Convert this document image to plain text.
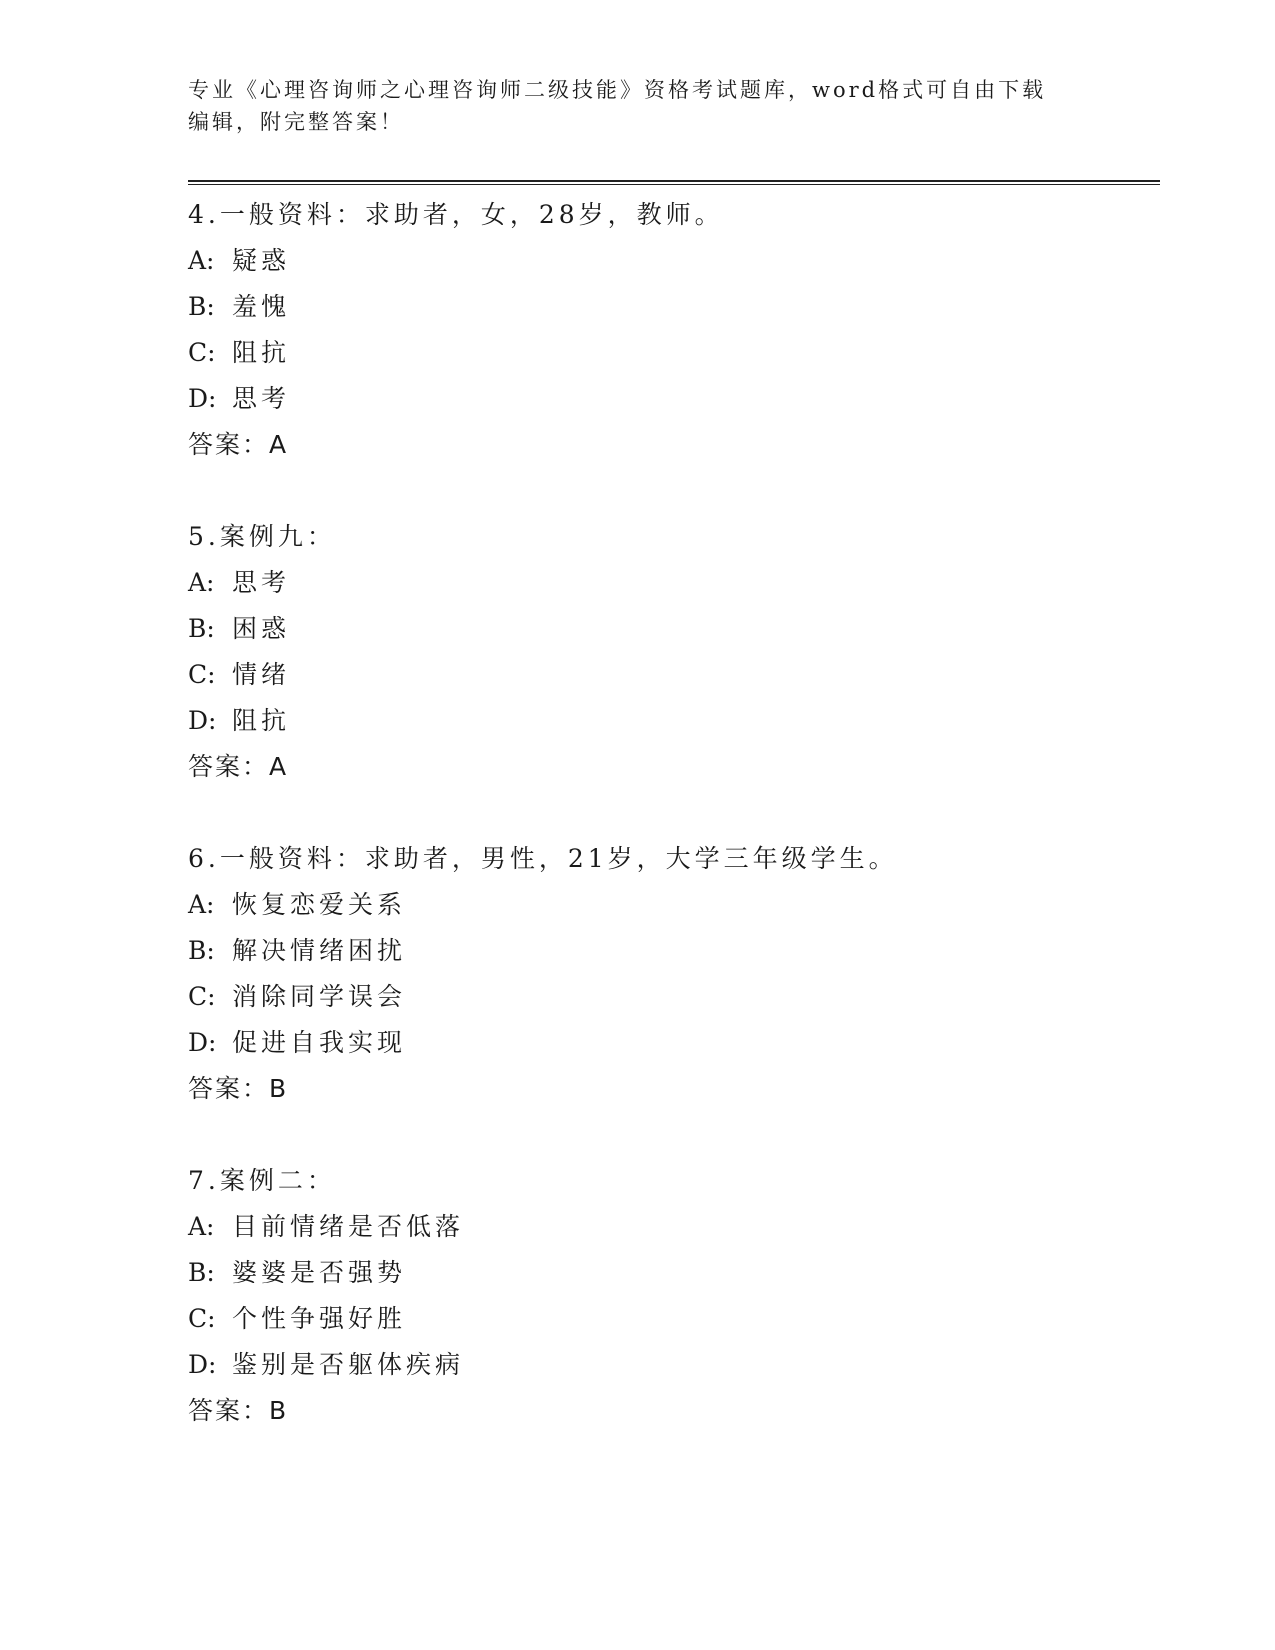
专业《心理咨询师之心理咨询师二级技能》资格考试题库，word格式可自由下载
编辑，附完整答案！
4.一般资料：求助者，女，28岁，教师。
A: 疑惑
B: 羞愧
C: 阻抗
D: 思考
答案：A
5.案例九：
A: 思考
B: 困惑
C: 情绪
D: 阻抗
答案：A
6.一般资料：求助者，男性，21岁，大学三年级学生。
A: 恢复恋爱关系
B: 解决情绪困扰
C: 消除同学误会
D: 促进自我实现
答案：B
7.案例二：
A: 目前情绪是否低落
B: 婆婆是否强势
C: 个性争强好胜
D: 鉴别是否躯体疾病
答案：B
